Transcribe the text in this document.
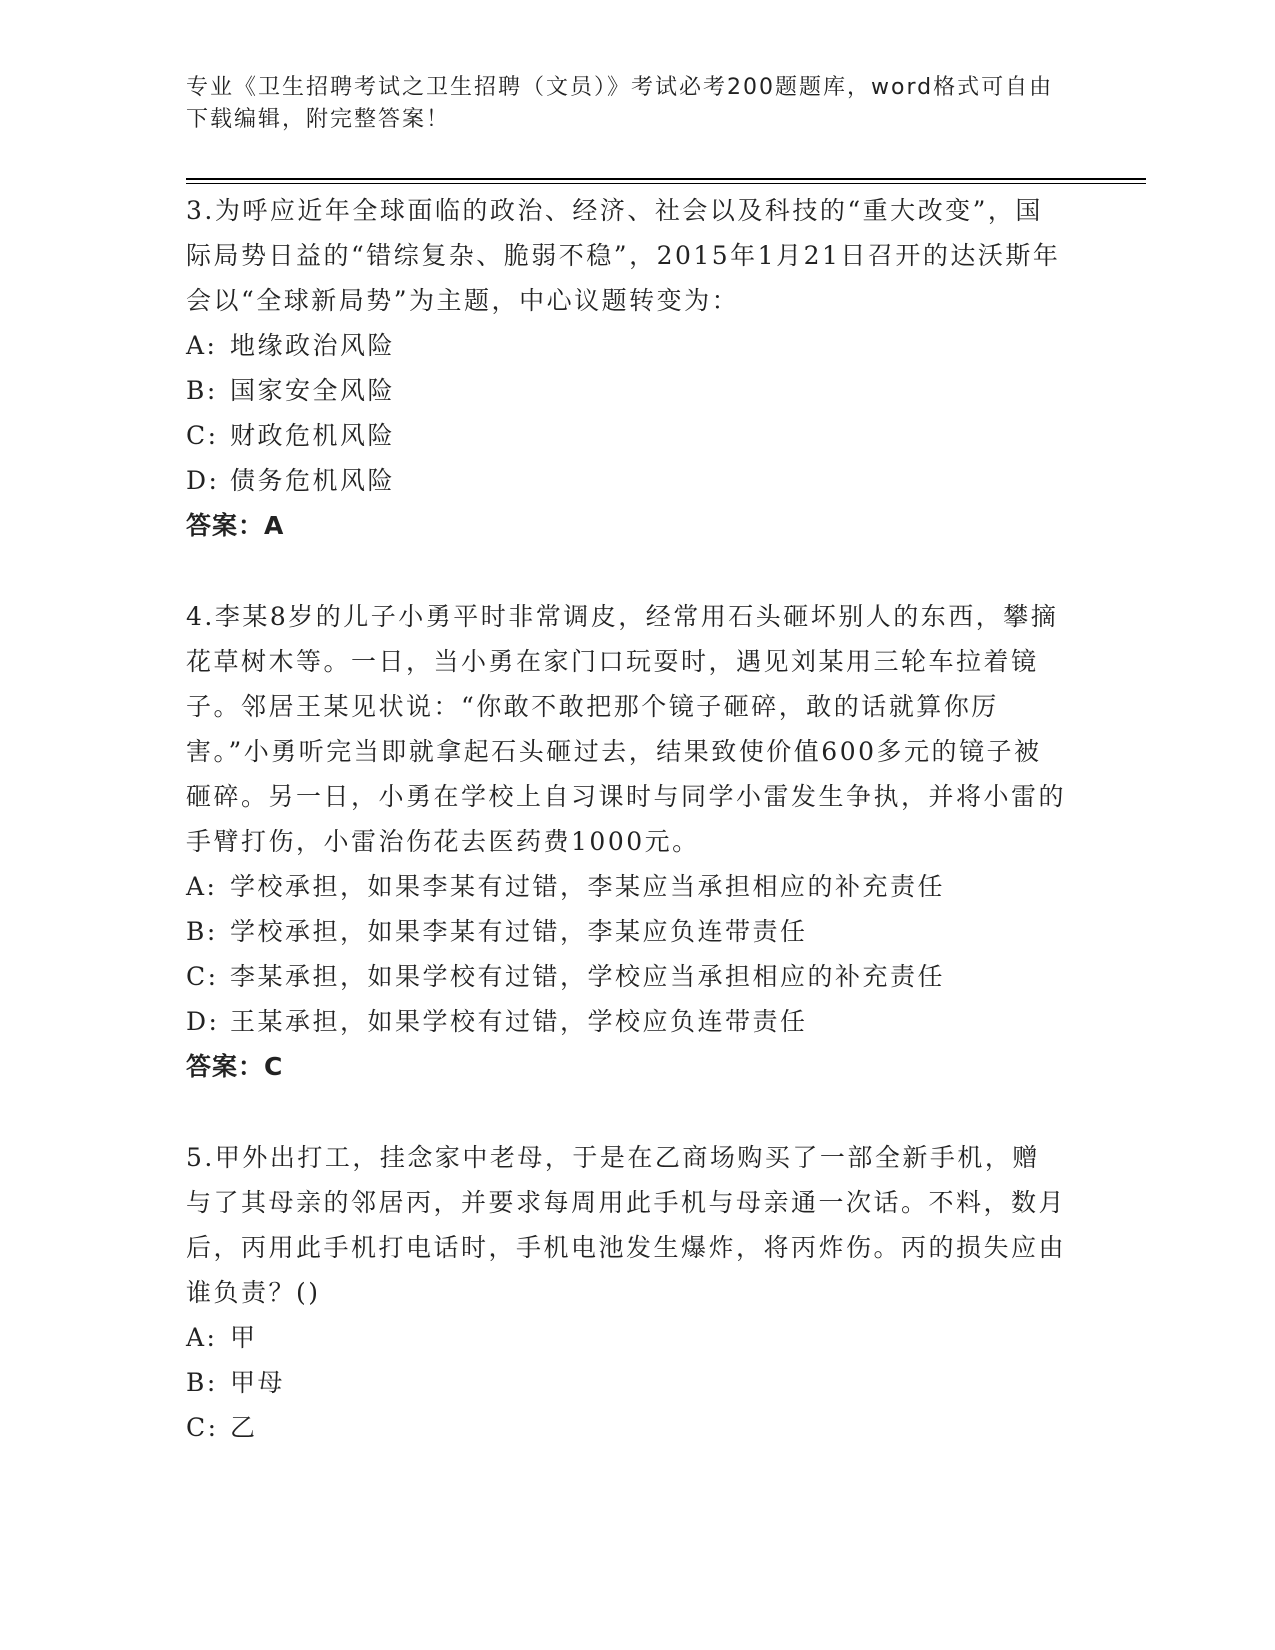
专业《卫生招聘考试之卫生招聘（文员）》考试必考200题题库，word格式可自由下载编辑，附完整答案！

3.为呼应近年全球面临的政治、经济、社会以及科技的“重大改变”，国际局势日益的“错综复杂、脆弱不稳”，2015年1月21日召开的达沃斯年会以“全球新局势”为主题，中心议题转变为：

A: 地缘政治风险
B: 国家安全风险
C: 财政危机风险
D: 债务危机风险
答案：A

4.李某8岁的儿子小勇平时非常调皮，经常用石头砸坏别人的东西，攀摘花草树木等。一日，当小勇在家门口玩耍时，遇见刘某用三轮车拉着镜子。邻居王某见状说：“你敢不敢把那个镜子砸碎，敢的话就算你厉害。”小勇听完当即就拿起石头砸过去，结果致使价值600多元的镜子被砸碎。另一日，小勇在学校上自习课时与同学小雷发生争执，并将小雷的手臂打伤，小雷治伤花去医药费1000元。

A: 学校承担，如果李某有过错，李某应当承担相应的补充责任
B: 学校承担，如果李某有过错，李某应负连带责任
C: 李某承担，如果学校有过错，学校应当承担相应的补充责任
D: 王某承担，如果学校有过错，学校应负连带责任
答案：C

5.甲外出打工，挂念家中老母，于是在乙商场购买了一部全新手机，赠与了其母亲的邻居丙，并要求每周用此手机与母亲通一次话。不料，数月后，丙用此手机打电话时，手机电池发生爆炸，将丙炸伤。丙的损失应由谁负责？()

A: 甲
B: 甲母
C: 乙
